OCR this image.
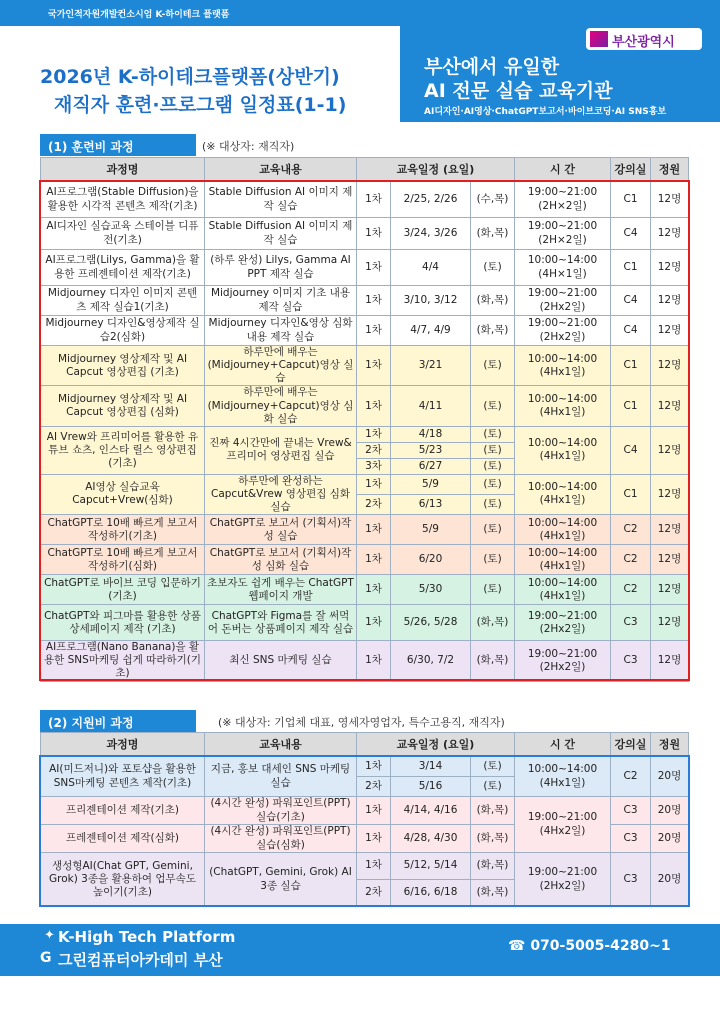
국가인적자원개발컨소시엄 K-하이테크 플랫폼
부산광역시
부산에서 유일한
AI 전문 실습 교육기관
AI디자인·AI영상·ChatGPT보고서·바이브코딩·AI SNS홍보
2026년 K-하이테크플랫폼(상반기)
재직자 훈련·프로그램 일정표(1-1)
(1) 훈련비 과정	(※ 대상자: 재직자)
과정명	교육내용	교육일정 (요일)			시 간	강의실	정원
AI프로그램(Stable Diffusion)을 활용한 시각적 콘텐츠 제작(기초)	Stable Diffusion AI 이미지 제작 실습	1차	2/25, 2/26	(수,목)	19:00~21:00 (2H×2일)	C1	12명
AI디자인 실습교육 스테이블 디퓨전(기초)	Stable Diffusion AI 이미지 제작 실습	1차	3/24, 3/26	(화,목)	19:00~21:00 (2H×2일)	C4	12명
AI프로그램(Lilys, Gamma)을 활용한 프레젠테이션 제작(기초)	(하루 완성) Lilys, Gamma AI PPT 제작 실습	1차	4/4	(토)	10:00~14:00 (4H×1일)	C1	12명
Midjourney 디자인 이미지 콘텐츠 제작 실습1(기초)	Midjourney 이미지 기초 내용 제작 실습	1차	3/10, 3/12	(화,목)	19:00~21:00 (2Hx2일)	C4	12명
Midjourney 디자인&영상제작 실습2(심화)	Midjourney 디자인&영상 심화 내용 제작 실습	1차	4/7, 4/9	(화,목)	19:00~21:00 (2Hx2일)	C4	12명
Midjourney 영상제작 및 AI Capcut 영상편집 (기초)	하루만에 배우는 (Midjourney+Capcut)영상 실습	1차	3/21	(토)	10:00~14:00 (4Hx1일)	C1	12명
Midjourney 영상제작 및 AI Capcut 영상편집 (심화)	하루만에 배우는 (Midjourney+Capcut)영상 심화 실습	1차	4/11	(토)	10:00~14:00 (4Hx1일)	C1	12명
AI Vrew와 프리미어를 활용한 유튜브 쇼츠, 인스타 릴스 영상편집(기초)	진짜 4시간만에 끝내는 Vrew&프리미어 영상편집 실습	1차	4/18	(토)	10:00~14:00 (4Hx1일)	C4	12명
		2차	5/23	(토)			
		3차	6/27	(토)			
AI영상 실습교육 Capcut+Vrew(심화)	하루만에 완성하는 Capcut&Vrew 영상편집 심화 실습	1차	5/9	(토)	10:00~14:00 (4Hx1일)	C1	12명
		2차	6/13	(토)			
ChatGPT로 10배 빠르게 보고서 작성하기(기초)	ChatGPT로 보고서 (기획서)작성 실습	1차	5/9	(토)	10:00~14:00 (4Hx1일)	C2	12명
ChatGPT로 10배 빠르게 보고서 작성하기(심화)	ChatGPT로 보고서 (기획서)작성 심화 실습	1차	6/20	(토)	10:00~14:00 (4Hx1일)	C2	12명
ChatGPT로 바이브 코딩 입문하기(기초)	초보자도 쉽게 배우는 ChatGPT 웹페이지 개발	1차	5/30	(토)	10:00~14:00 (4Hx1일)	C2	12명
ChatGPT와 피그마를 활용한 상품 상세페이지 제작 (기초)	ChatGPT와 Figma를 잘 써먹어 돈버는 상품페이지 제작 실습	1차	5/26, 5/28	(화,목)	19:00~21:00 (2Hx2일)	C3	12명
AI프로그램(Nano Banana)을 활용한 SNS마케팅 쉽게 따라하기(기초)	최신 SNS 마케팅 실습	1차	6/30, 7/2	(화,목)	19:00~21:00 (2Hx2일)	C3	12명
(2) 지원비 과정	(※ 대상자: 기업체 대표, 영세자영업자, 특수고용직, 재직자)
과정명	교육내용	교육일정 (요일)			시 간	강의실	정원
AI(미드저니)와 포토샵을 활용한 SNS마케팅 콘텐츠 제작(기초)	지금, 홍보 대세인 SNS 마케팅 실습	1차	3/14	(토)	10:00~14:00 (4Hx1일)	C2	20명
		2차	5/16	(토)			
프리젠테이션 제작(기초)	(4시간 완성) 파워포인트(PPT) 실습(기초)	1차	4/14, 4/16	(화,목)	19:00~21:00 (4Hx2일)	C3	20명
프레젠테이션 제작(심화)	(4시간 완성) 파워포인트(PPT) 실습(심화)	1차	4/28, 4/30	(화,목)		C3	20명
생성형AI(Chat GPT, Gemini, Grok) 3종을 활용하여 업무속도 높이기(기초)	(ChatGPT, Gemini, Grok) AI 3종 실습	1차	5/12, 5/14	(화,목)	19:00~21:00 (2Hx2일)	C3	20명
		2차	6/16, 6/18	(화,목)			
✦ K-High Tech Platform
G 그린컴퓨터아카데미 부산
☎ 070-5005-4280~1
